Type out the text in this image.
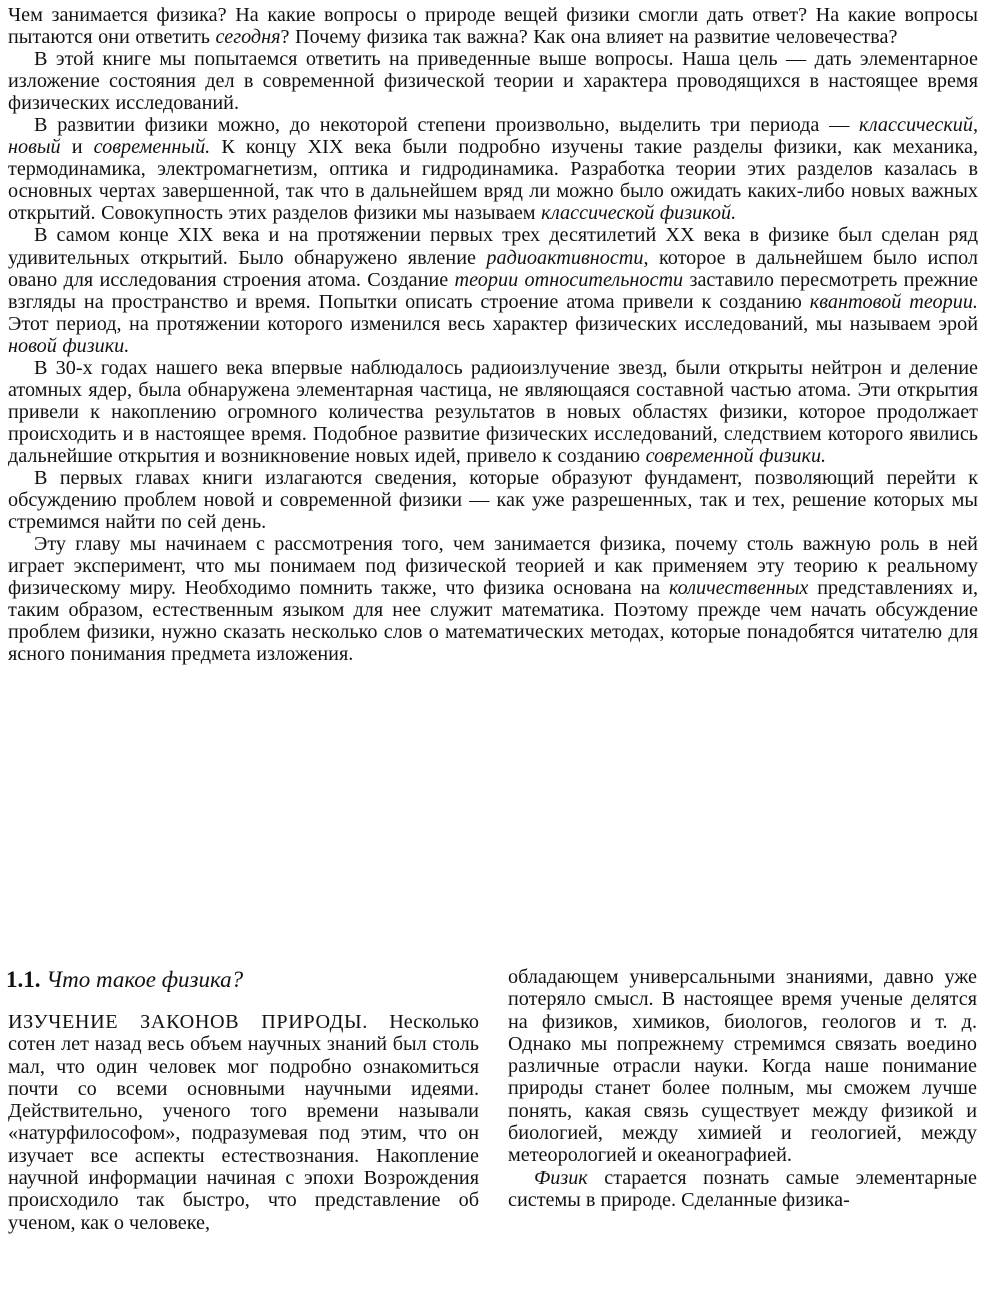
Чем занимается физика? На какие вопросы о природе вещей физики смогли дать ответ? На какие вопросы пытаются они ответить сегодня? Почему физика так важна? Как она влияет на развитие человечества?

В этой книге мы попытаемся ответить на приведенные выше вопросы. Наша цель — дать элементарное изложение состояния дел в современной физической теории и характера проводящихся в настоящее время физических исследований.

В развитии физики можно, до некоторой степени произвольно, выделить три периода — классический, новый и современный. К концу XIX века были подробно изучены такие разделы физики, как механика, термодинамика, электромагнетизм, оптика и гидродинамика. Разработка теории этих разделов казалась в основных чертах завершенной, так что в дальнейшем вряд ли можно было ожидать каких-либо новых важных открытий. Совокупность этих разделов физики мы называем классической физикой.

В самом конце XIX века и на протяжении первых трех десятилетий XX века в физике был сделан ряд удивительных открытий. Было обнаружено явление радиоактивности, которое в дальнейшем было испол овано для исследования строения атома. Создание теории относительности заставило пересмотреть прежние взгляды на пространство и время. Попытки описать строение атома привели к созданию квантовой теории. Этот период, на протяжении которого изменился весь характер физических исследований, мы называем эрой новой физики.

В 30-х годах нашего века впервые наблюдалось радиоизлучение звезд, были открыты нейтрон и деление атомных ядер, была обнаружена элементарная частица, не являющаяся составной частью атома. Эти открытия привели к накоплению огромного количества результатов в новых областях физики, которое продолжает происходить и в настоящее время. Подобное развитие физических исследований, следствием которого явились дальнейшие открытия и возникновение новых идей, привело к созданию современной физики.

В первых главах книги излагаются сведения, которые образуют фундамент, позволяющий перейти к обсуждению проблем новой и современной физики — как уже разрешенных, так и тех, решение которых мы стремимся найти по сей день.

Эту главу мы начинаем с рассмотрения того, чем занимается физика, почему столь важную роль в ней играет эксперимент, что мы понимаем под физической теорией и как применяем эту теорию к реальному физическому миру. Необходимо помнить также, что физика основана на количественных представлениях и, таким образом, естественным языком для нее служит математика. Поэтому прежде чем начать обсуждение проблем физики, нужно сказать несколько слов о математических методах, которые понадобятся читателю для ясного понимания предмета изложения.

1.1. Что такое физика?

ИЗУЧЕНИЕ ЗАКОНОВ ПРИРОДЫ. Несколько сотен лет назад весь объем научных знаний был столь мал, что один человек мог подробно ознакомиться почти со всеми основными научными идеями. Действительно, ученого того времени называли «натурфилософом», подразумевая под этим, что он изучает все аспекты естествознания. Накопление научной информации начиная с эпохи Возрождения происходило так быстро, что представление об ученом, как о человеке,

обладающем универсальными знаниями, давно уже потеряло смысл. В настоящее время ученые делятся на физиков, химиков, биологов, геологов и т. д. Однако мы попрежнему стремимся связать воедино различные отрасли науки. Когда наше понимание природы станет более полным, мы сможем лучше понять, какая связь существует между физикой и биологией, между химией и геологией, между метеорологией и океанографией.

Физик старается познать самые элементарные системы в природе. Сделанные физика-
